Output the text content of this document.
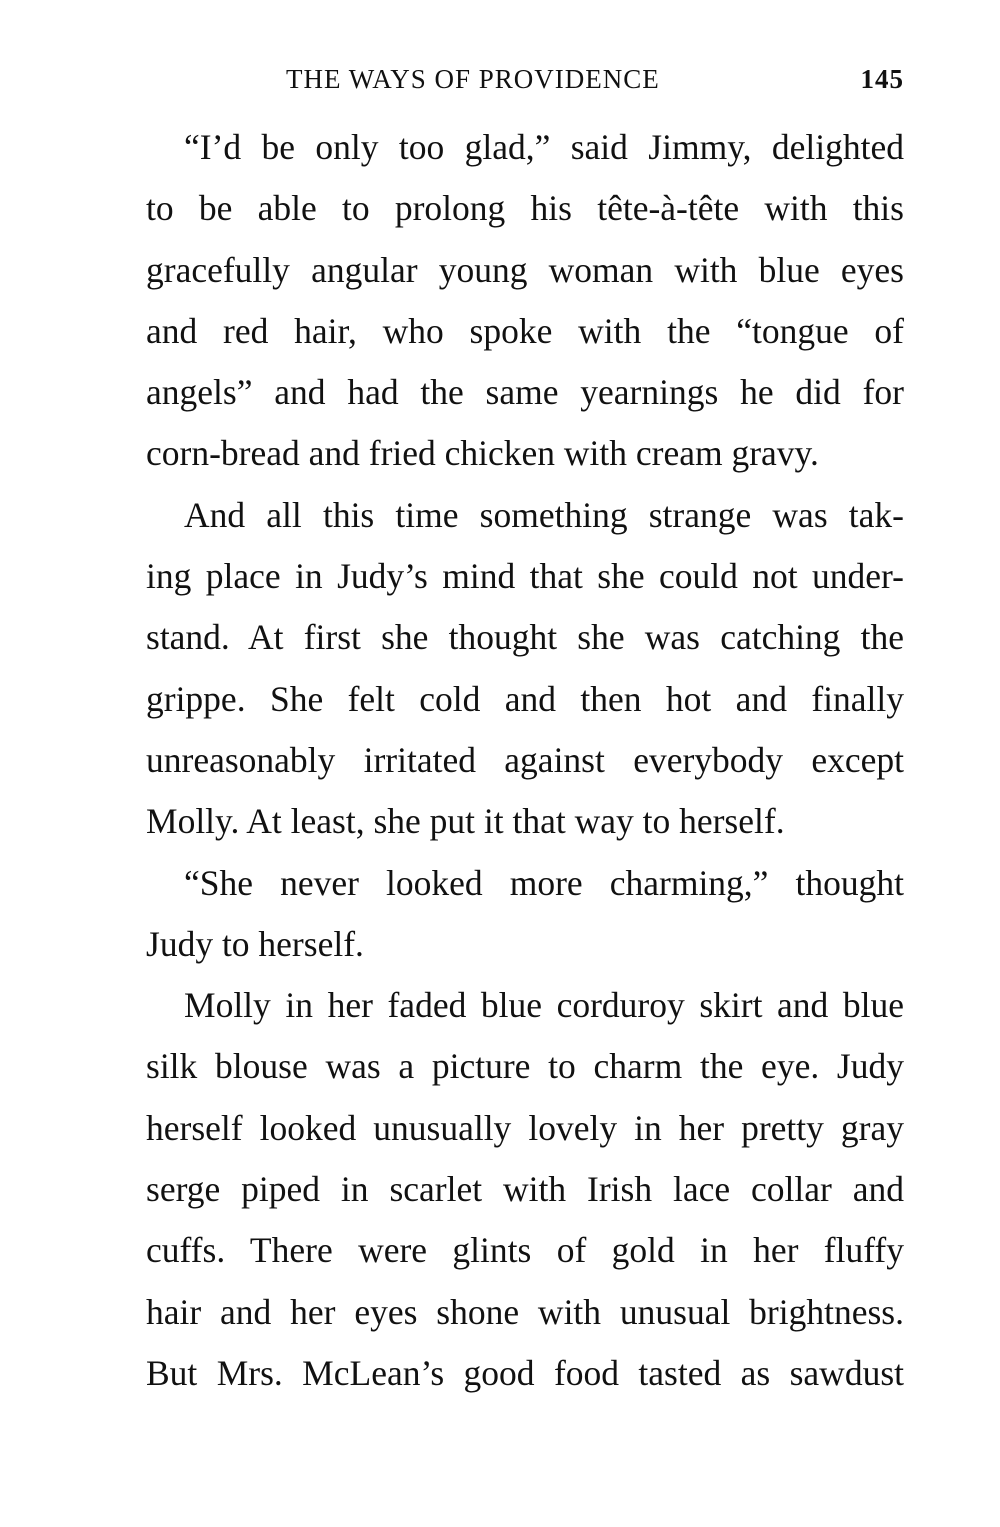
THE WAYS OF PROVIDENCE	145
“I’d be only too glad,” said Jimmy, delighted
to be able to prolong his tête-à-tête with this
gracefully angular young woman with blue eyes
and red hair, who spoke with the “tongue of
angels” and had the same yearnings he did for
corn-bread and fried chicken with cream gravy.
And all this time something strange was tak-
ing place in Judy’s mind that she could not under-
stand. At first she thought she was catching the
grippe. She felt cold and then hot and finally
unreasonably irritated against everybody except
Molly. At least, she put it that way to herself.
“She never looked more charming,” thought
Judy to herself.
Molly in her faded blue corduroy skirt and blue
silk blouse was a picture to charm the eye. Judy
herself looked unusually lovely in her pretty gray
serge piped in scarlet with Irish lace collar and
cuffs. There were glints of gold in her fluffy
hair and her eyes shone with unusual brightness.
But Mrs. McLean’s good food tasted as sawdust
